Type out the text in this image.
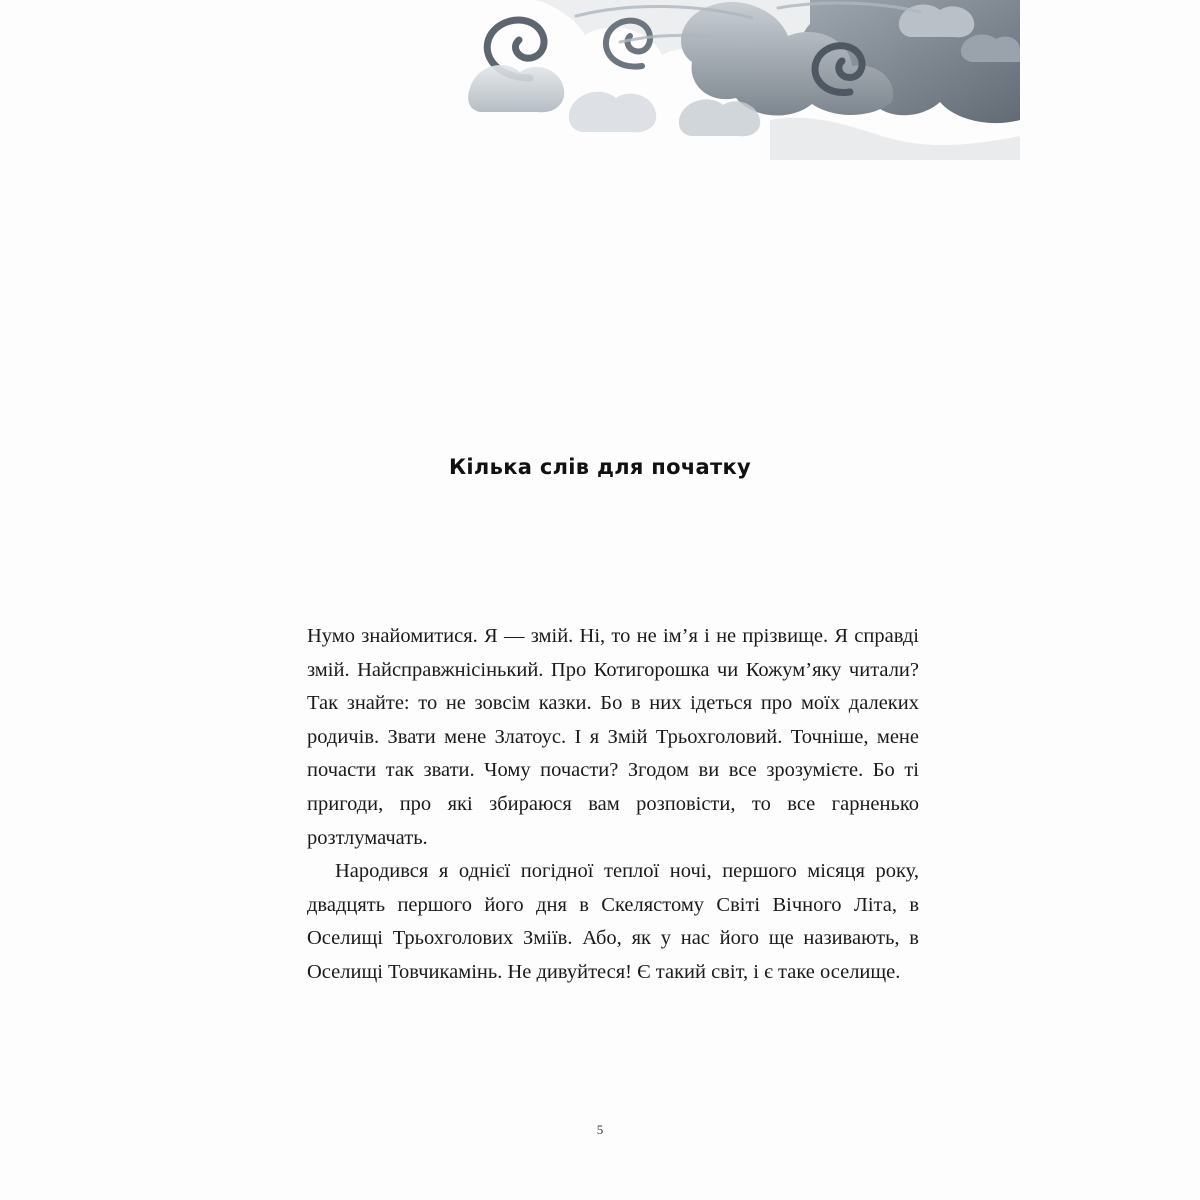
Кілька слів для початку

Нумо знайомитися. Я — змій. Ні, то не ім’я і не прізвище. Я справді змій. Найсправжнісінький. Про Котигорошка чи Кожум’яку читали? Так знайте: то не зовсім казки. Бо в них ідеться про моїх далеких родичів. Звати мене Златоус. І я Змій Трьохголовий. Точніше, мене почасти так звати. Чому почасти? Згодом ви все зрозумієте. Бо ті пригоди, про які збираюся вам розповісти, то все гарненько розтлумачать.

Народився я однієї погідної теплої ночі, першого місяця року, двадцять першого його дня в Скелястому Світі Вічного Літа, в Оселищі Трьохголових Зміїв. Або, як у нас його ще називають, в Оселищі Товчикамінь. Не дивуйтеся! Є такий світ, і є таке оселище.

5
